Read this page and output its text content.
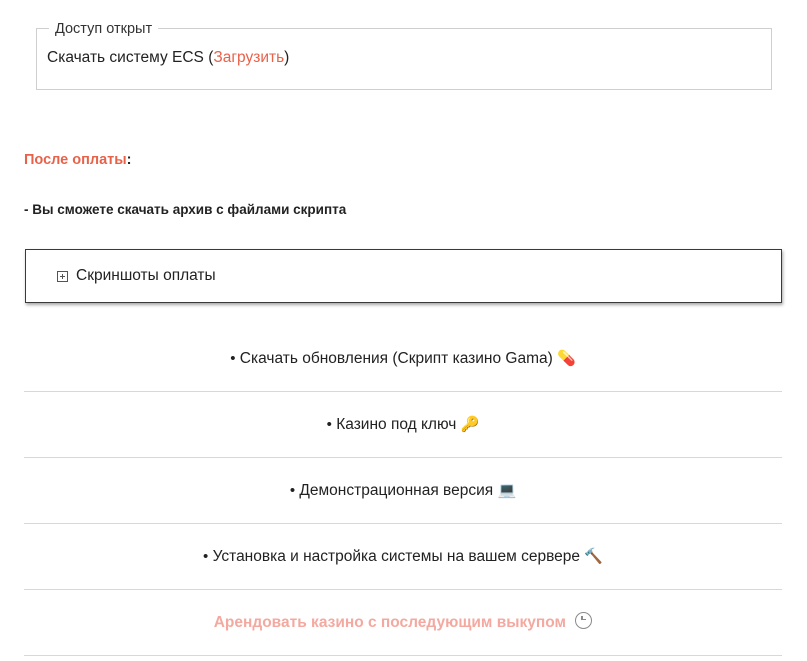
Доступ открыт
Скачать систему ECS (Загрузить)
После оплаты:
- Вы сможете скачать архив с файлами скрипта
Скриншоты оплаты
• Скачать обновления (Скрипт казино Gama) 💊
• Казино под ключ 🔑
• Демонстрационная версия 💻
• Установка и настройка системы на вашем сервере 🔨
Арендовать казино с последующим выкупом
